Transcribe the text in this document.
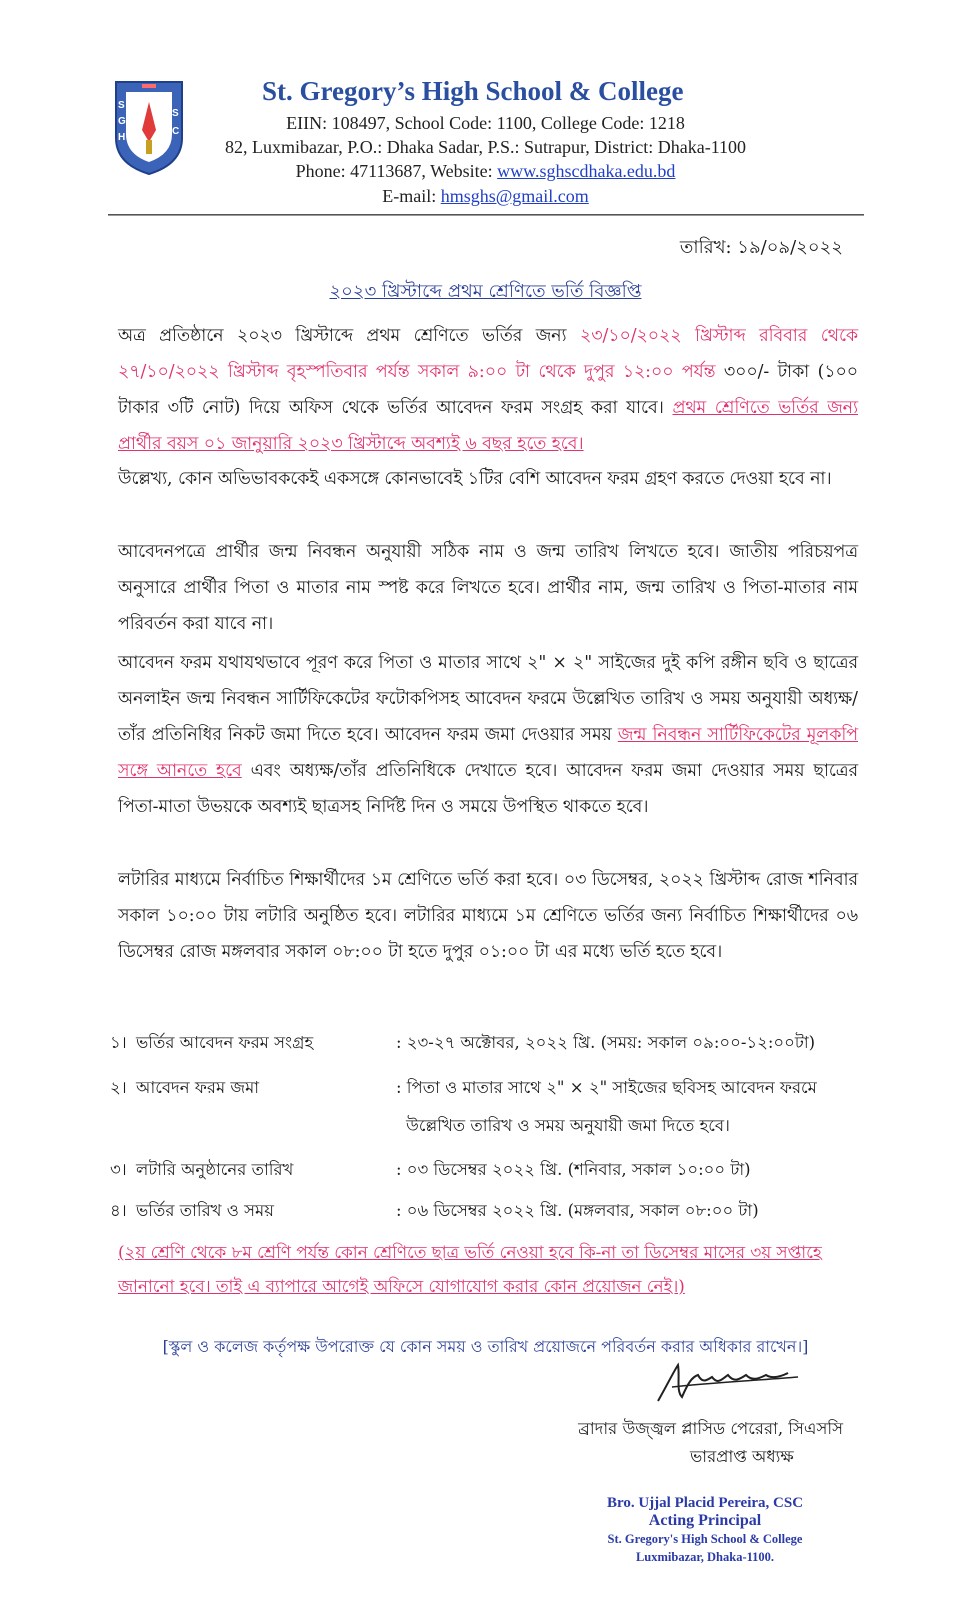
S
G
H
S
C
St. Gregory’s High School & College
EIIN: 108497, School Code: 1100, College Code: 1218
82, Luxmibazar, P.O.: Dhaka Sadar, P.S.: Sutrapur, District: Dhaka-1100
Phone: 47113687, Website: www.sghscdhaka.edu.bd
E-mail: hmsghs@gmail.com
তারিখ: ১৯/০৯/২০২২
২০২৩ খ্রিস্টাব্দে প্রথম শ্রেণিতে ভর্তি বিজ্ঞপ্তি
অত্র প্রতিষ্ঠানে ২০২৩ খ্রিস্টাব্দে প্রথম শ্রেণিতে ভর্তির জন্য ২৩/১০/২০২২ খ্রিস্টাব্দ রবিবার থেকে ২৭/১০/২০২২ খ্রিস্টাব্দ বৃহস্পতিবার পর্যন্ত সকাল ৯:০০ টা থেকে দুপুর ১২:০০ পর্যন্ত ৩০০/- টাকা (১০০ টাকার ৩টি নোট) দিয়ে অফিস থেকে ভর্তির আবেদন ফরম সংগ্রহ করা যাবে। প্রথম শ্রেণিতে ভর্তির জন্য প্রার্থীর বয়স ০১ জানুয়ারি ২০২৩ খ্রিস্টাব্দে অবশ্যই ৬ বছর হতে হবে।
উল্লেখ্য, কোন অভিভাবককেই একসঙ্গে কোনভাবেই ১টির বেশি আবেদন ফরম গ্রহণ করতে দেওয়া হবে না।
আবেদনপত্রে প্রার্থীর জন্ম নিবন্ধন অনুযায়ী সঠিক নাম ও জন্ম তারিখ লিখতে হবে। জাতীয় পরিচয়পত্র অনুসারে প্রার্থীর পিতা ও মাতার নাম স্পষ্ট করে লিখতে হবে। প্রার্থীর নাম, জন্ম তারিখ ও পিতা-মাতার নাম পরিবর্তন করা যাবে না।
আবেদন ফরম যথাযথভাবে পূরণ করে পিতা ও মাতার সাথে ২" × ২" সাইজের দুই কপি রঙ্গীন ছবি ও ছাত্রের অনলাইন জন্ম নিবন্ধন সার্টিফিকেটের ফটোকপিসহ আবেদন ফরমে উল্লেখিত তারিখ ও সময় অনুযায়ী অধ্যক্ষ/তাঁর প্রতিনিধির নিকট জমা দিতে হবে। আবেদন ফরম জমা দেওয়ার সময় জন্ম নিবন্ধন সার্টিফিকেটের মূলকপি সঙ্গে আনতে হবে এবং অধ্যক্ষ/তাঁর প্রতিনিধিকে দেখাতে হবে। আবেদন ফরম জমা দেওয়ার সময় ছাত্রের পিতা-মাতা উভয়কে অবশ্যই ছাত্রসহ নির্দিষ্ট দিন ও সময়ে উপস্থিত থাকতে হবে।
লটারির মাধ্যমে নির্বাচিত শিক্ষার্থীদের ১ম শ্রেণিতে ভর্তি করা হবে। ০৩ ডিসেম্বর, ২০২২ খ্রিস্টাব্দ রোজ শনিবার সকাল ১০:০০ টায় লটারি অনুষ্ঠিত হবে। লটারির মাধ্যমে ১ম শ্রেণিতে ভর্তির জন্য নির্বাচিত শিক্ষার্থীদের ০৬ ডিসেম্বর রোজ মঙ্গলবার সকাল ০৮:০০ টা হতে দুপুর ০১:০০ টা এর মধ্যে ভর্তি হতে হবে।
১। ভর্তির আবেদন ফরম সংগ্রহ	: ২৩-২৭ অক্টোবর, ২০২২ খ্রি. (সময়: সকাল ০৯:০০-১২:০০টা)
২। আবেদন ফরম জমা	: পিতা ও মাতার সাথে ২" × ২" সাইজের ছবিসহ আবেদন ফরমে
উল্লেখিত তারিখ ও সময় অনুযায়ী জমা দিতে হবে।
৩। লটারি অনুষ্ঠানের তারিখ	: ০৩ ডিসেম্বর ২০২২ খ্রি. (শনিবার, সকাল ১০:০০ টা)
৪। ভর্তির তারিখ ও সময়	: ০৬ ডিসেম্বর ২০২২ খ্রি. (মঙ্গলবার, সকাল ০৮:০০ টা)
(২য় শ্রেণি থেকে ৮ম শ্রেণি পর্যন্ত কোন শ্রেণিতে ছাত্র ভর্তি নেওয়া হবে কি-না তা ডিসেম্বর মাসের ৩য় সপ্তাহে জানানো হবে। তাই এ ব্যাপারে আগেই অফিসে যোগাযোগ করার কোন প্রয়োজন নেই।)
[স্কুল ও কলেজ কর্তৃপক্ষ উপরোক্ত যে কোন সময় ও তারিখ প্রয়োজনে পরিবর্তন করার অধিকার রাখেন।]
ব্রাদার উজ্জ্বল প্লাসিড পেরেরা, সিএসসি
ভারপ্রাপ্ত অধ্যক্ষ
Bro. Ujjal Placid Pereira, CSC
Acting Principal
St. Gregory's High School & College
Luxmibazar, Dhaka-1100.
